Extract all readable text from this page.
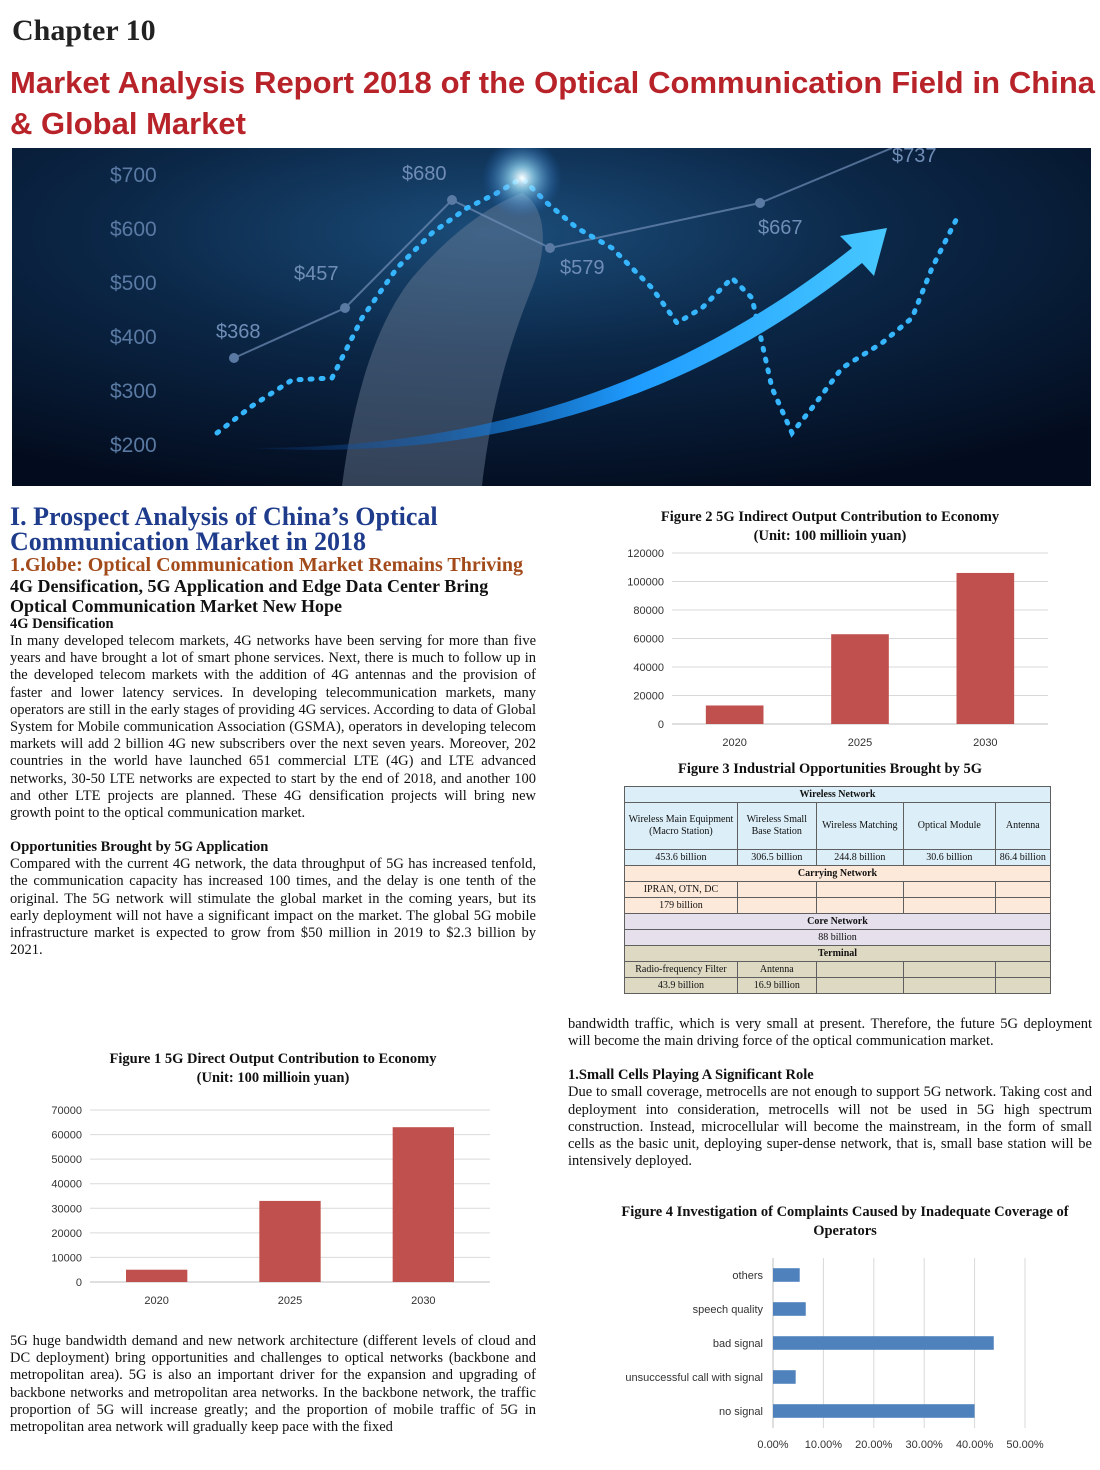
Chapter 10
Market Analysis Report 2018 of the Optical Communication Field in China & Global Market
$700
$600
$500
$400
$300
$200
$368
$457
$680
$579
$667
$737
I. Prospect Analysis of China’s Optical Communication Market in 2018
1.Globe: Optical Communication Market Remains Thriving
4G Densification, 5G Application and Edge Data Center Bring Optical Communication Market New Hope
4G Densification

In many developed telecom markets, 4G networks have been serving for more than five years and have brought a lot of smart phone services. Next, there is much to follow up in the developed telecom markets with the addition of 4G antennas and the provision of faster and lower latency services. In developing telecommunication markets, many operators are still in the early stages of providing 4G services. According to data of Global System for Mobile communication Association (GSMA), operators in developing telecom markets will add 2 billion 4G new subscribers over the next seven years. Moreover, 202 countries in the world have launched 651 commercial LTE (4G) and LTE advanced networks, 30-50 LTE networks are expected to start by the end of 2018, and another 100 and other LTE projects are planned. These 4G densification projects will bring new growth point to the optical communication market.

Opportunities Brought by 5G Application

Compared with the current 4G network, the data throughput of 5G has increased tenfold, the communication capacity has increased 100 times, and the delay is one tenth of the original. The 5G network will stimulate the global market in the coming years, but its early deployment will not have a significant impact on the market. The global 5G mobile infrastructure market is expected to grow from $50 million in 2019 to $2.3 billion by 2021.

Figure 1 5G Direct Output Contribution to Economy
(Unit: 100 millioin yuan)
0
10000
20000
30000
40000
50000
60000
70000
2020	2025	2030

5G huge bandwidth demand and new network architecture (different levels of cloud and DC deployment) bring opportunities and challenges to optical networks (backbone and metropolitan area). 5G is also an important driver for the expansion and upgrading of backbone networks and metropolitan area networks. In the backbone network, the traffic proportion of 5G will increase greatly; and the proportion of mobile traffic of 5G in metropolitan area network will gradually keep pace with the fixed

Figure 2 5G Indirect Output Contribution to Economy
(Unit: 100 millioin yuan)
0
20000
40000
60000
80000
100000
120000
2020	2025	2030
Figure 3 Industrial Opportunities Brought by 5G
Wireless Network				
Wireless Main Equipment (Macro Station)	Wireless Small Base Station	Wireless Matching	Optical Module	Antenna
453.6 billion	306.5 billion	244.8 billion	30.6 billion	86.4 billion
Carrying Network				
IPRAN, OTN, DC				
179 billion				
Core Network				
88 billion				
Terminal				
Radio-frequency Filter	Antenna			
43.9 billion	16.9 billion			

bandwidth traffic, which is very small at present. Therefore, the future 5G deployment will become the main driving force of the optical communication market.

1.Small Cells Playing A Significant Role

Due to small coverage, metrocells are not enough to support 5G network. Taking cost and deployment into consideration, metrocells will not be used in 5G high spectrum construction. Instead, microcellular will become the mainstream, in the form of small cells as the basic unit, deploying super-dense network, that is, small base station will be intensively deployed.

Figure 4 Investigation of Complaints Caused by Inadequate Coverage of Operators
0.00% 10.00% 20.00% 30.00% 40.00% 50.00%
others
speech quality
bad signal
unsuccessful call with signal
no signal
